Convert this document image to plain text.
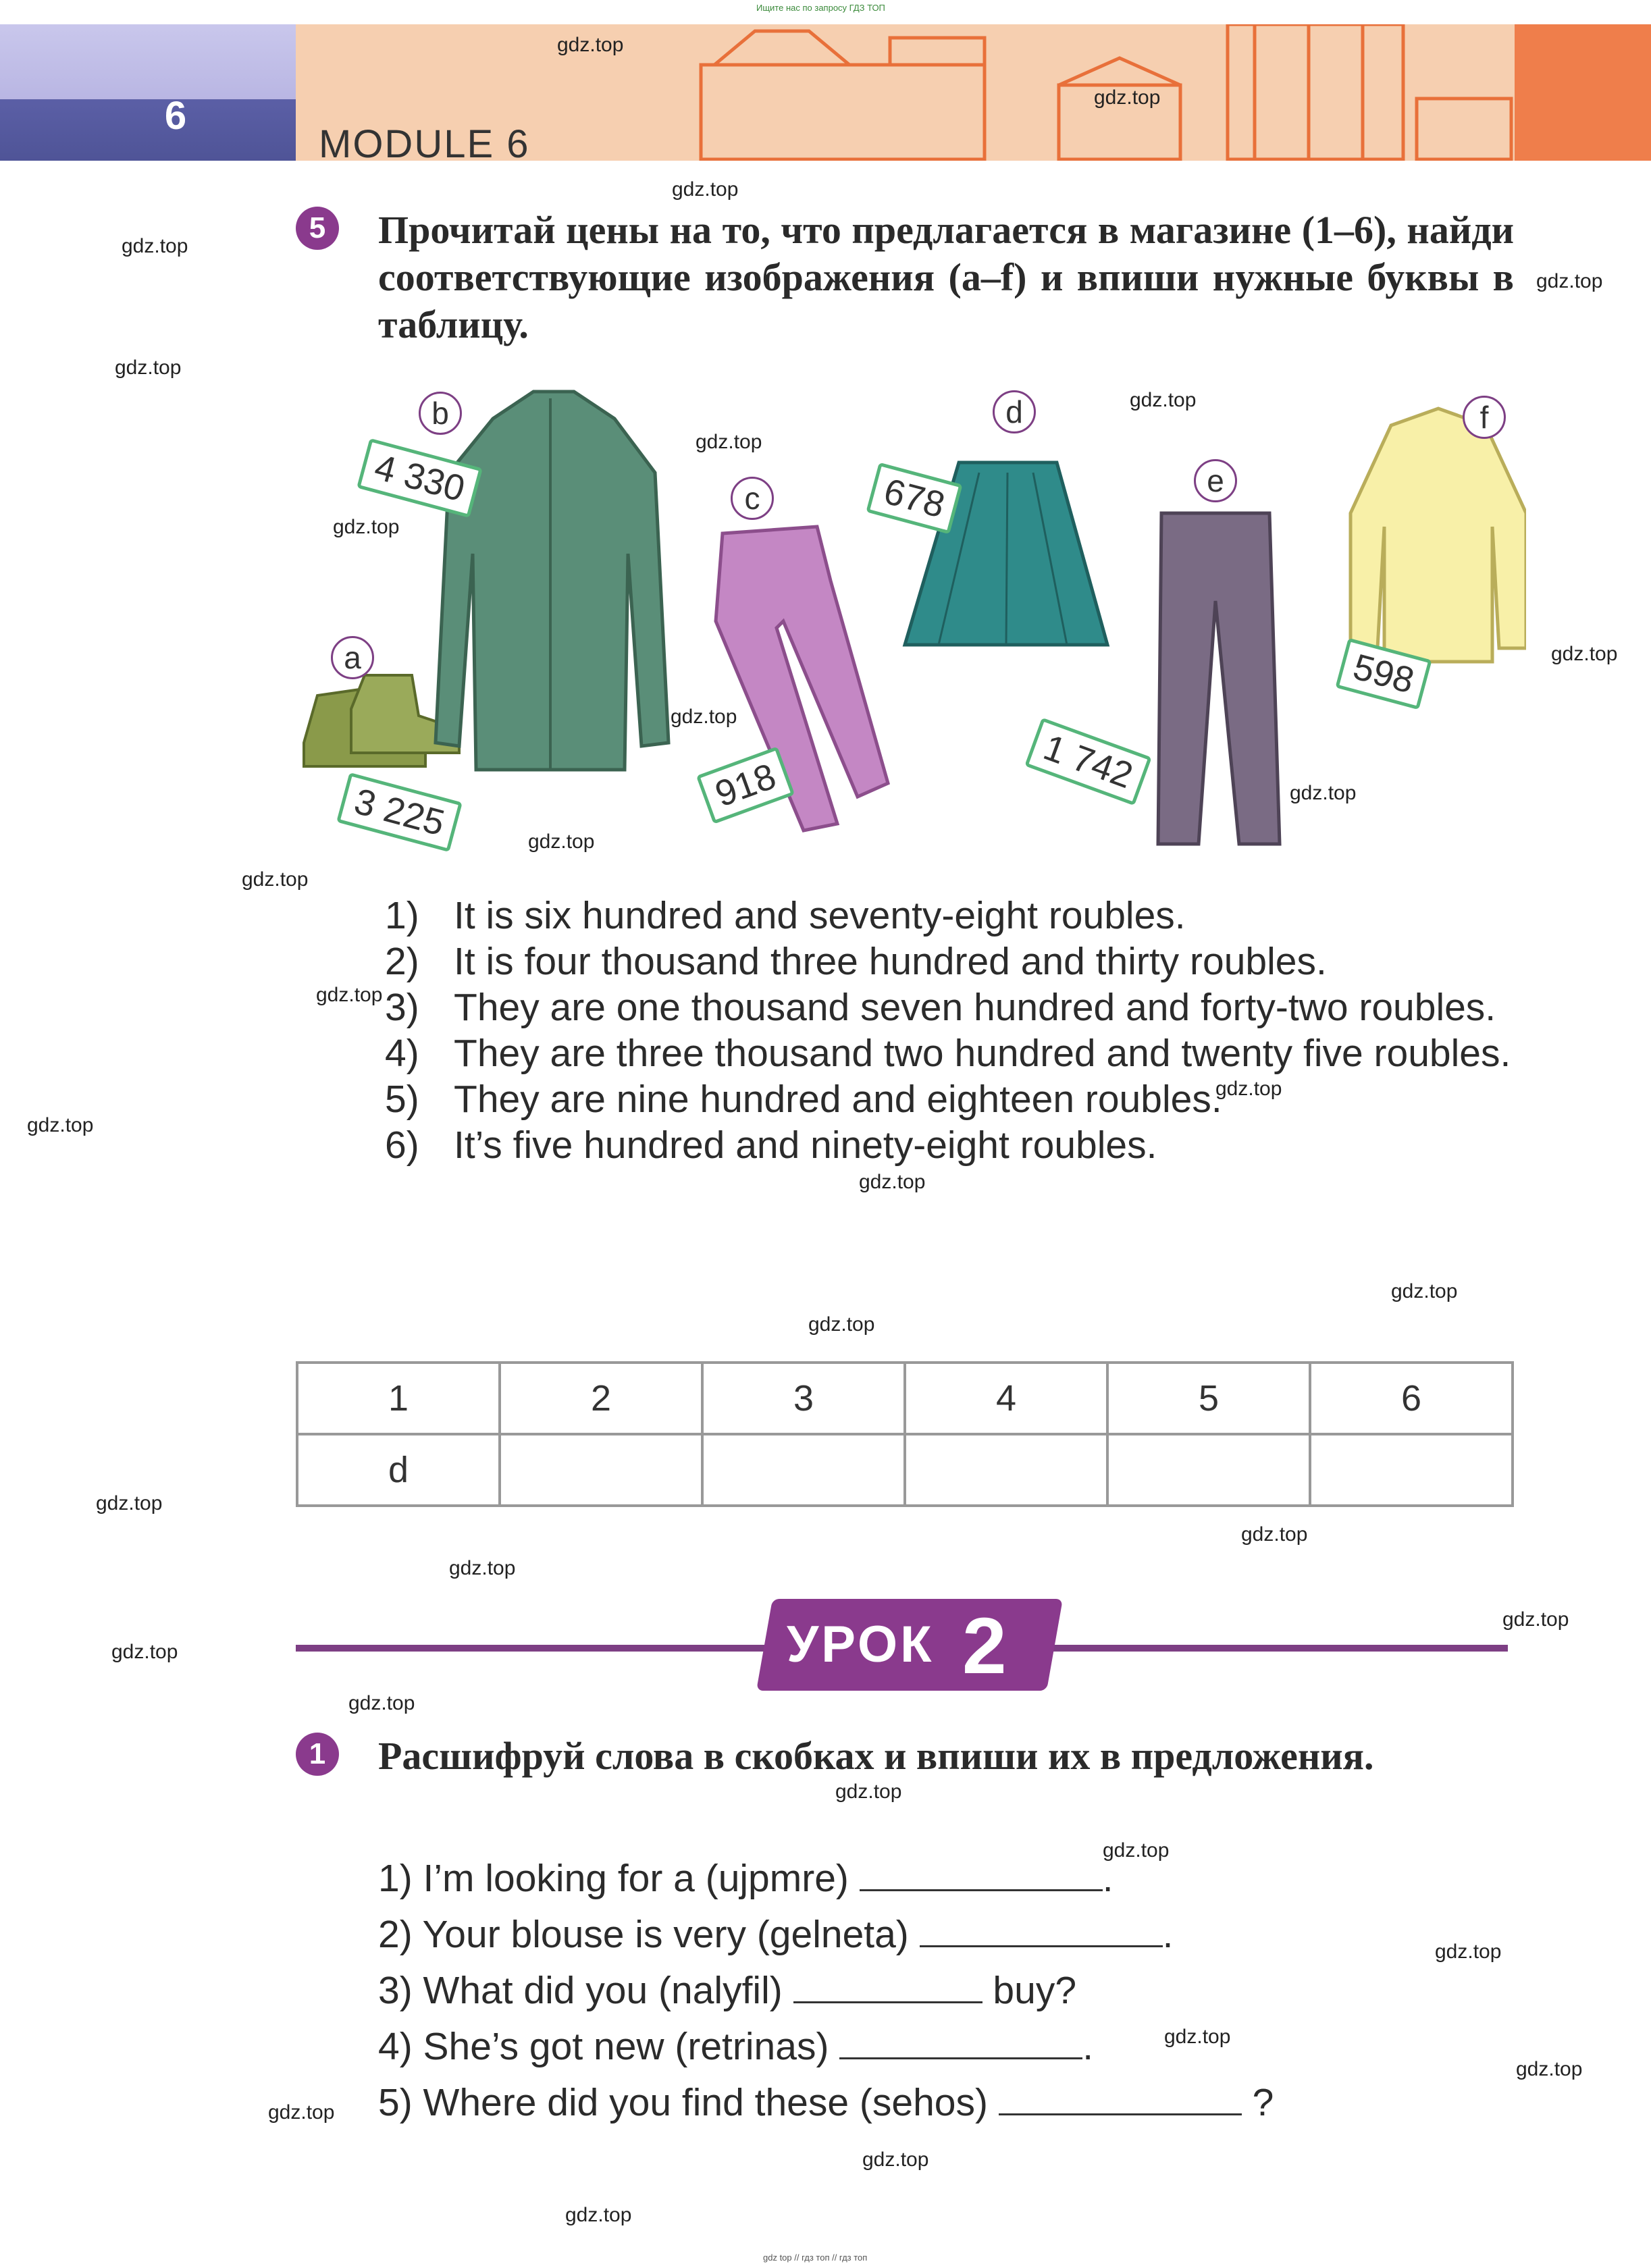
Ищите нас по запросу ГДЗ ТОП
6
MODULE 6
5	Прочитай цены на то, что предлагается в магазине (1–6), найди соответствующие изображения (a–f) и впиши нужные буквы в таблицу.
a
b
c
d
e
f
3 225
4 330
918
678
1 742
598
1) It is six hundred and seventy-eight roubles.
2) It is four thousand three hundred and thirty roubles.
3) They are one thousand seven hundred and forty-two roubles.
4) They are three thousand two hundred and twenty five roubles.
5) They are nine hundred and eighteen roubles.
6) It’s five hundred and ninety-eight roubles.
1	2	3	4	5	6
d					
УРОК 2
1	Расшифруй слова в скобках и впиши их в предложения.
1) I’m looking for a (ujpmre)	.
2) Your blouse is very (gelneta)	.
3) What did you (nalyfil)	buy?
4) She’s got new (retrinas)	.
5) Where did you find these (sehos)	?
gdz.top
gdz.top
gdz.top
gdz.top
gdz.top
gdz.top
gdz.top
gdz.top
gdz.top
gdz.top
gdz.top
gdz.top
gdz.top
gdz.top
gdz.top
gdz.top
gdz.top
gdz.top
gdz.top
gdz.top
gdz.top
gdz.top
gdz.top
gdz.top
gdz.top
gdz.top
gdz.top
gdz.top
gdz.top
gdz.top
gdz.top
gdz.top
gdz.top
gdz.top
gdz top // гдз топ // гдз топ
